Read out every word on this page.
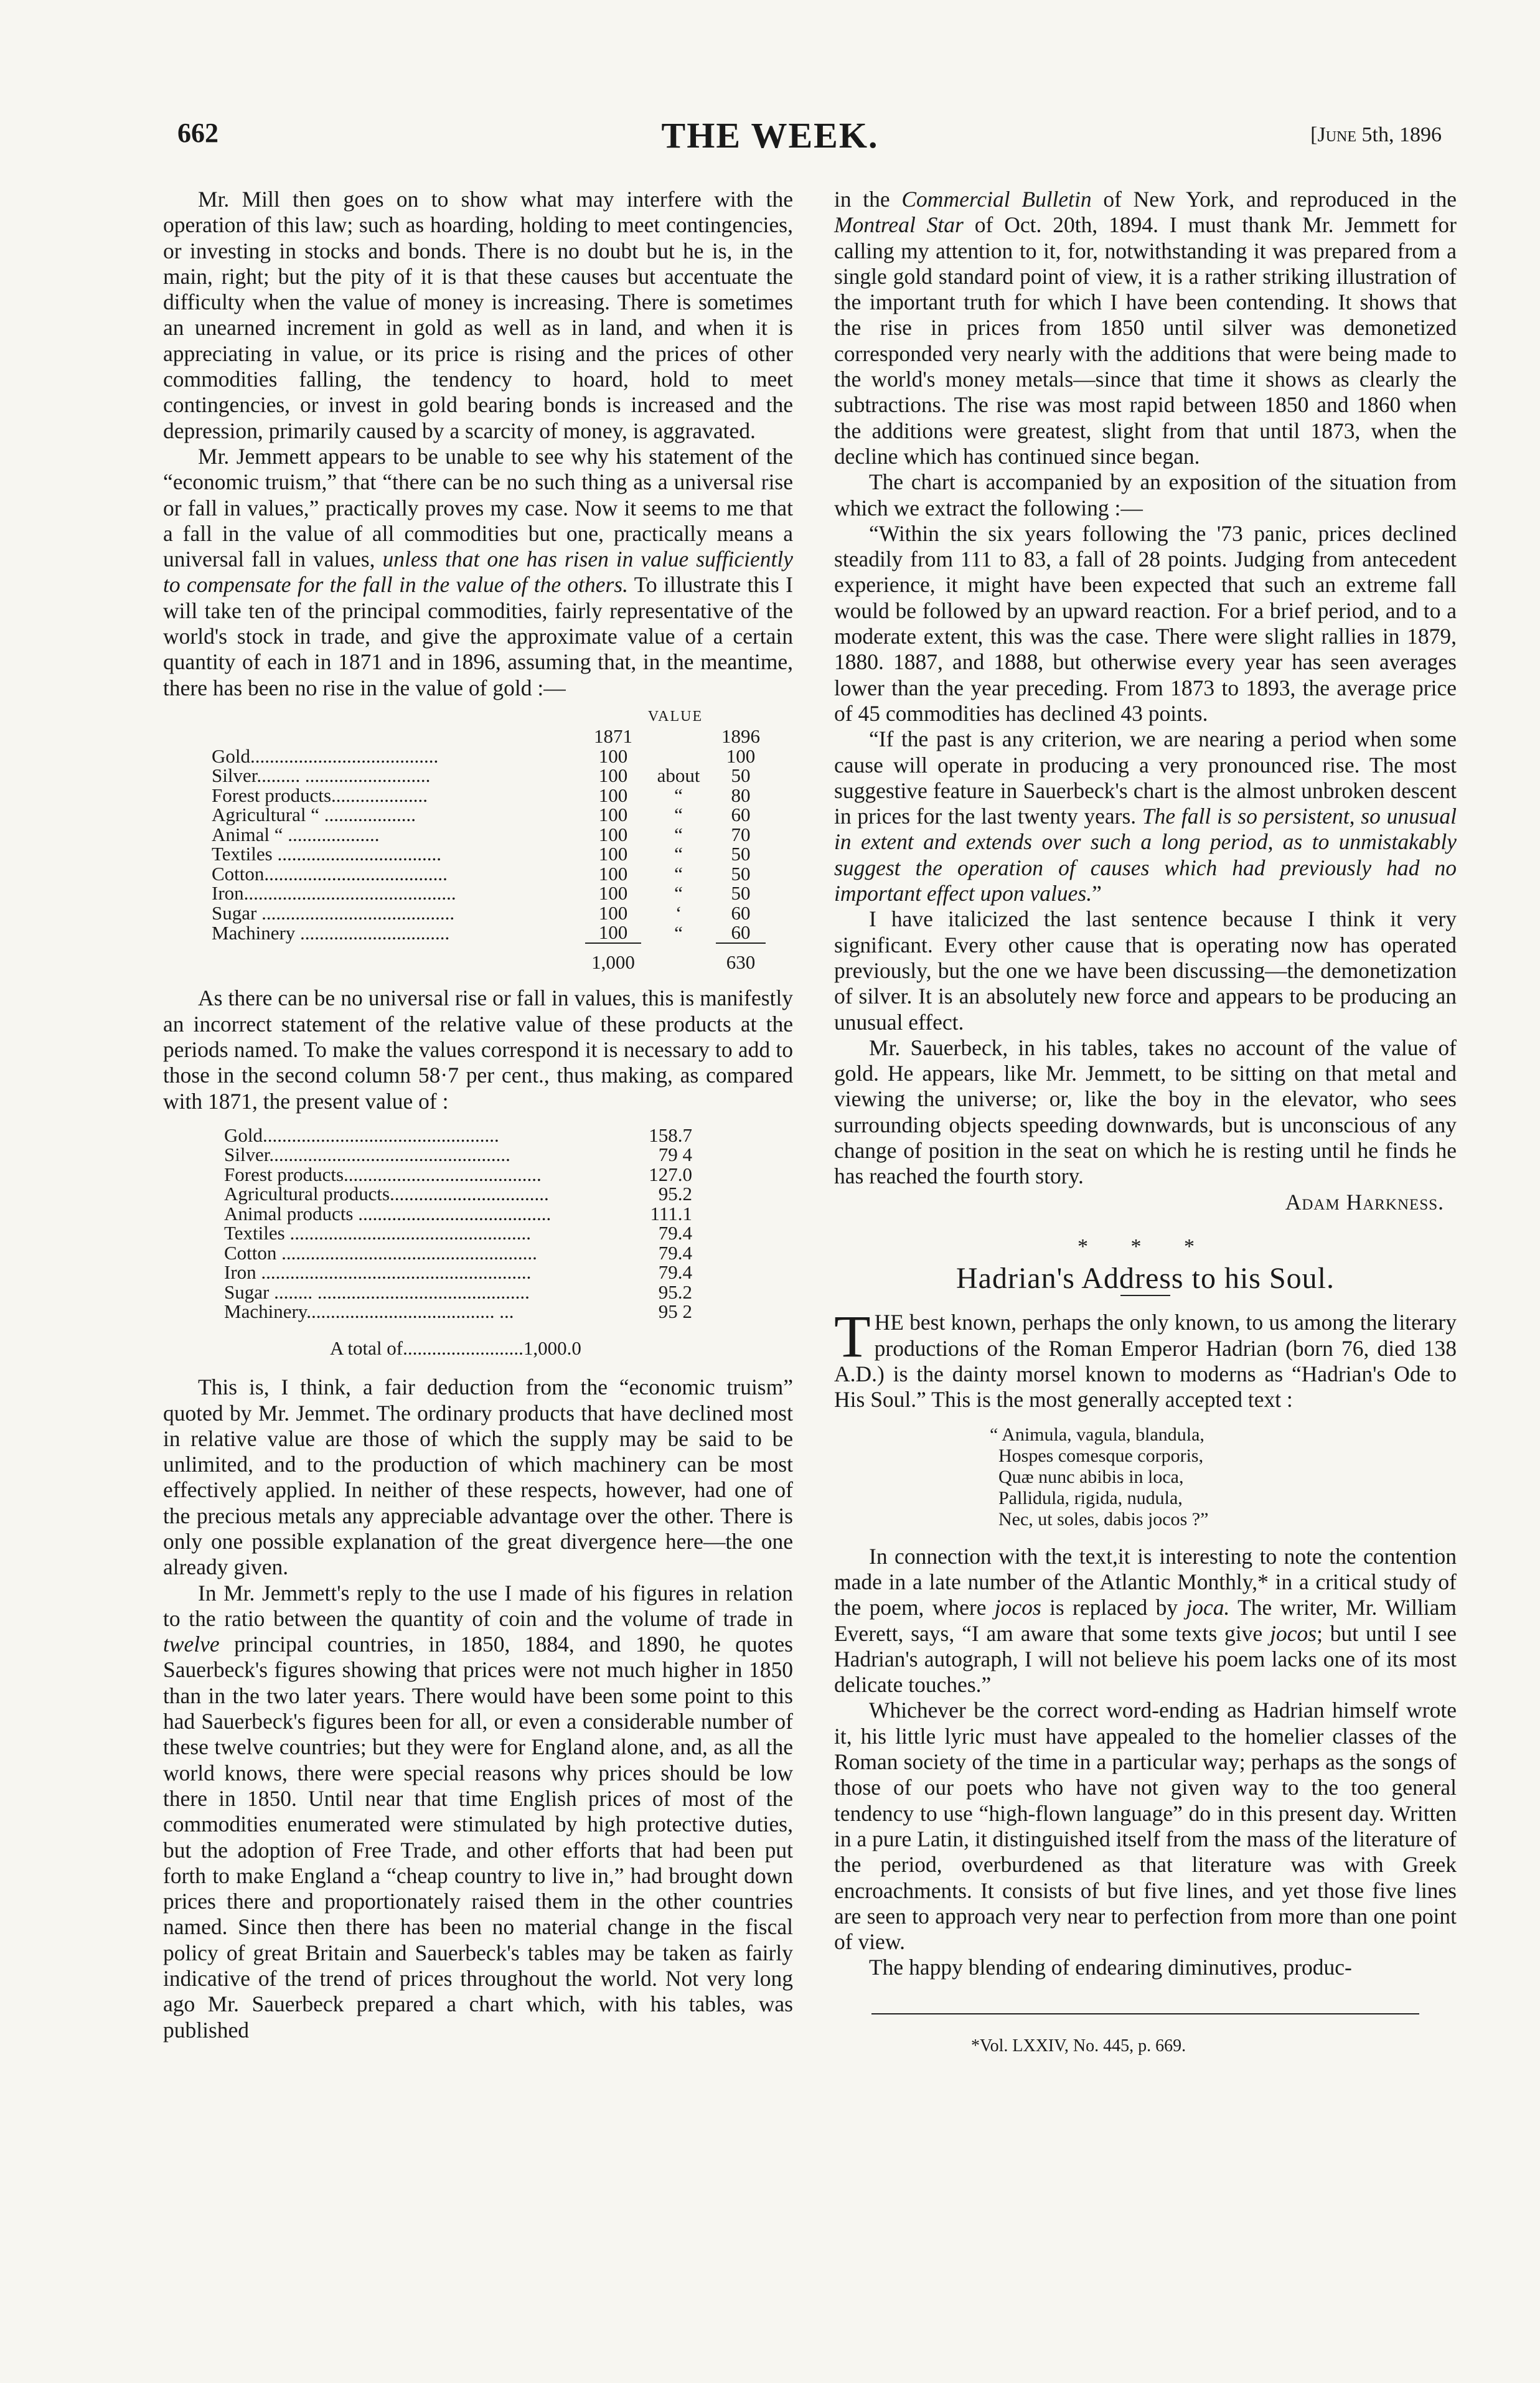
662	THE WEEK.	[June 5th, 1896

Mr. Mill then goes on to show what may interfere with the operation of this law; such as hoarding, holding to meet contingencies, or investing in stocks and bonds. There is no doubt but he is, in the main, right; but the pity of it is that these causes but accentuate the difficulty when the value of money is increasing. There is sometimes an unearned increment in gold as well as in land, and when it is appreciating in value, or its price is rising and the prices of other commodities falling, the tendency to hoard, hold to meet contingencies, or invest in gold bearing bonds is increased and the depression, primarily caused by a scarcity of money, is aggravated.

Mr. Jemmett appears to be unable to see why his statement of the “economic truism,” that “there can be no such thing as a universal rise or fall in values,” practically proves my case. Now it seems to me that a fall in the value of all commodities but one, practically means a universal fall in values, unless that one has risen in value sufficiently to compensate for the fall in the value of the others. To illustrate this I will take ten of the principal commodities, fairly representative of the world's stock in trade, and give the approximate value of a certain quantity of each in 1871 and in 1896, assuming that, in the meantime, there has been no rise in the value of gold :—

	VALUE		
	1871		1896
Gold.......................................	100		100
Silver......... ..........................	100	about	50
Forest products....................	100	“	80
Agricultural “ ...................	100	“	60
Animal “ ...................	100	“	70
Textiles ..................................	100	“	50
Cotton......................................	100	“	50
Iron............................................	100	“	50
Sugar ........................................	100	‘	60
Machinery ...............................	100	“	60
	1,000		630

As there can be no universal rise or fall in values, this is manifestly an incorrect statement of the relative value of these products at the periods named. To make the values correspond it is necessary to add to those in the second column 58·7 per cent., thus making, as compared with 1871, the present value of :

Gold.................................................	158.7
Silver..................................................	79 4
Forest products.........................................	127.0
Agricultural products.................................	95.2
Animal products ........................................	111.1
Textiles ..................................................	79.4
Cotton .....................................................	79.4
Iron ........................................................	79.4
Sugar ........ ............................................	95.2
Machinery....................................... ...	95 2
A total of.........................1,000.0

This is, I think, a fair deduction from the “economic truism” quoted by Mr. Jemmet. The ordinary products that have declined most in relative value are those of which the supply may be said to be unlimited, and to the production of which machinery can be most effectively applied. In neither of these respects, however, had one of the precious metals any appreciable advantage over the other. There is only one possible explanation of the great divergence here—the one already given.

In Mr. Jemmett's reply to the use I made of his figures in relation to the ratio between the quantity of coin and the volume of trade in twelve principal countries, in 1850, 1884, and 1890, he quotes Sauerbeck's figures showing that prices were not much higher in 1850 than in the two later years. There would have been some point to this had Sauerbeck's figures been for all, or even a considerable number of these twelve countries; but they were for England alone, and, as all the world knows, there were special reasons why prices should be low there in 1850. Until near that time English prices of most of the commodities enumerated were stimulated by high protective duties, but the adoption of Free Trade, and other efforts that had been put forth to make England a “cheap country to live in,” had brought down prices there and proportionately raised them in the other countries named. Since then there has been no material change in the fiscal policy of great Britain and Sauerbeck's tables may be taken as fairly indicative of the trend of prices throughout the world. Not very long ago Mr. Sauerbeck prepared a chart which, with his tables, was published

in the Commercial Bulletin of New York, and reproduced in the Montreal Star of Oct. 20th, 1894. I must thank Mr. Jemmett for calling my attention to it, for, notwithstanding it was prepared from a single gold standard point of view, it is a rather striking illustration of the important truth for which I have been contending. It shows that the rise in prices from 1850 until silver was demonetized corresponded very nearly with the additions that were being made to the world's money metals—since that time it shows as clearly the subtractions. The rise was most rapid between 1850 and 1860 when the additions were greatest, slight from that until 1873, when the decline which has continued since began.

The chart is accompanied by an exposition of the situation from which we extract the following :—

“Within the six years following the '73 panic, prices declined steadily from 111 to 83, a fall of 28 points. Judging from antecedent experience, it might have been expected that such an extreme fall would be followed by an upward reaction. For a brief period, and to a moderate extent, this was the case. There were slight rallies in 1879, 1880. 1887, and 1888, but otherwise every year has seen averages lower than the year preceding. From 1873 to 1893, the average price of 45 commodities has declined 43 points.

“If the past is any criterion, we are nearing a period when some cause will operate in producing a very pronounced rise. The most suggestive feature in Sauerbeck's chart is the almost unbroken descent in prices for the last twenty years. The fall is so persistent, so unusual in extent and extends over such a long period, as to unmistakably suggest the operation of causes which had previously had no important effect upon values.”

I have italicized the last sentence because I think it very significant. Every other cause that is operating now has operated previously, but the one we have been discussing—the demonetization of silver. It is an absolutely new force and appears to be producing an unusual effect.

Mr. Sauerbeck, in his tables, takes no account of the value of gold. He appears, like Mr. Jemmett, to be sitting on that metal and viewing the universe; or, like the boy in the elevator, who sees surrounding objects speeding downwards, but is unconscious of any change of position in the seat on which he is resting until he finds he has reached the fourth story.

Adam Harkness.
* * *
Hadrian's Address to his Soul.

THE best known, perhaps the only known, to us among the literary productions of the Roman Emperor Hadrian (born 76, died 138 A.D.) is the dainty morsel known to moderns as “Hadrian's Ode to His Soul.” This is the most generally accepted text :

“ Animula, vagula, blandula,
Hospes comesque corporis,
Quæ nunc abibis in loca,
Pallidula, rigida, nudula,
Nec, ut soles, dabis jocos ?”

In connection with the text,it is interesting to note the contention made in a late number of the Atlantic Monthly,* in a critical study of the poem, where jocos is replaced by joca. The writer, Mr. William Everett, says, “I am aware that some texts give jocos; but until I see Hadrian's autograph, I will not believe his poem lacks one of its most delicate touches.”

Whichever be the correct word-ending as Hadrian himself wrote it, his little lyric must have appealed to the homelier classes of the Roman society of the time in a particular way; perhaps as the songs of those of our poets who have not given way to the too general tendency to use “high-flown language” do in this present day. Written in a pure Latin, it distinguished itself from the mass of the literature of the period, overburdened as that literature was with Greek encroachments. It consists of but five lines, and yet those five lines are seen to approach very near to perfection from more than one point of view.

The happy blending of endearing diminutives, produc-

*Vol. LXXIV, No. 445, p. 669.
